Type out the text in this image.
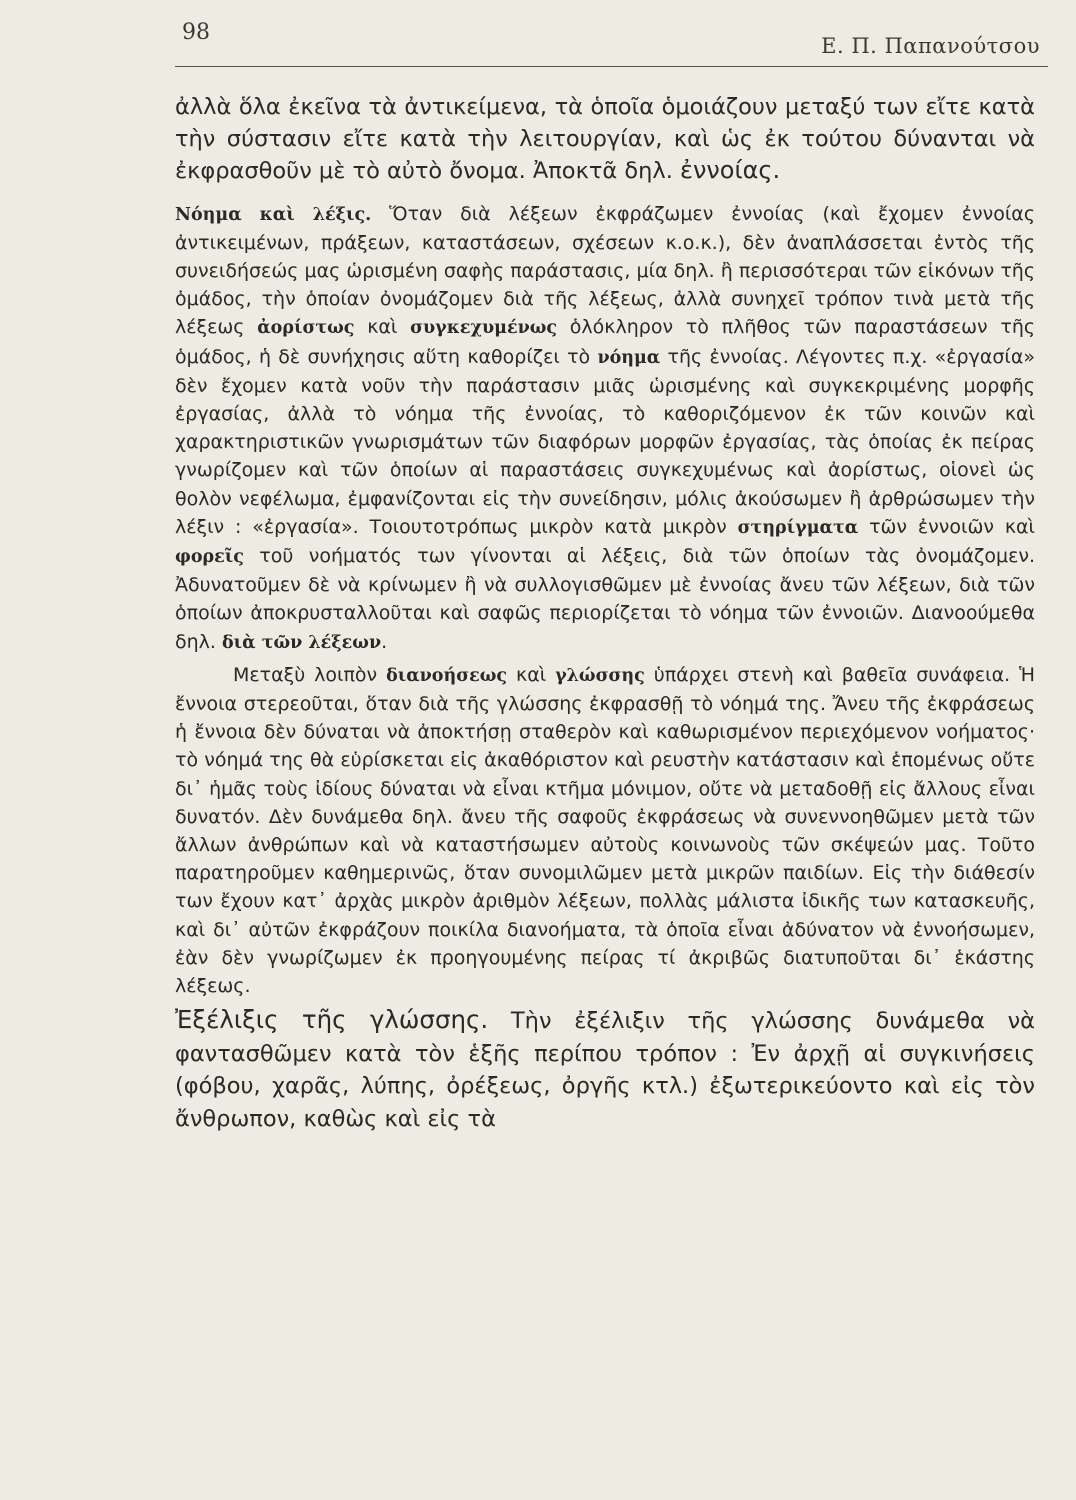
98
Ε. Π. Παπανούτσου

ἀλλὰ ὅλα ἐκεῖνα τὰ ἀντικείμενα, τὰ ὁποῖα ὁμοιάζουν μεταξύ των εἴτε κατὰ τὴν σύστασιν εἴτε κατὰ τὴν λειτουργίαν, καὶ ὡς ἐκ τούτου δύνανται νὰ ἐκφρασθοῦν μὲ τὸ αὐτὸ ὄνομα. Ἀποκτᾶ δηλ. ἐννοίας.

Νόημα καὶ λέξις. Ὅταν διὰ λέξεων ἐκφράζωμεν ἐννοίας (καὶ ἔχομεν ἐννοίας ἀντικειμένων, πράξεων, καταστάσεων, σχέσεων κ.ο.κ.), δὲν ἀναπλάσσεται ἐντὸς τῆς συνειδήσεώς μας ὡρισμένη σαφὴς παράστασις, μία δηλ. ἢ περισσότεραι τῶν εἰκόνων τῆς ὁμάδος, τὴν ὁποίαν ὀνομάζομεν διὰ τῆς λέξεως, ἀλλὰ συνηχεῖ τρόπον τινὰ μετὰ τῆς λέξεως ἀορίστως καὶ συγκεχυμένως ὁλόκληρον τὸ πλῆθος τῶν παραστάσεων τῆς ὁμάδος, ἡ δὲ συνήχησις αὕτη καθορίζει τὸ νόημα τῆς ἐννοίας. Λέγοντες π.χ. «ἐργασία» δὲν ἔχομεν κατὰ νοῦν τὴν παράστασιν μιᾶς ὡρισμένης καὶ συγκεκριμένης μορφῆς ἐργασίας, ἀλλὰ τὸ νόημα τῆς ἐννοίας, τὸ καθοριζόμενον ἐκ τῶν κοινῶν καὶ χαρακτηριστικῶν γνωρισμάτων τῶν διαφόρων μορφῶν ἐργασίας, τὰς ὁποίας ἐκ πείρας γνωρίζομεν καὶ τῶν ὁποίων αἱ παραστάσεις συγκεχυμένως καὶ ἀορίστως, οἱονεὶ ὡς θολὸν νεφέλωμα, ἐμφανίζονται εἰς τὴν συνείδησιν, μόλις ἀκούσωμεν ἢ ἀρθρώσωμεν τὴν λέξιν : «ἐργασία». Τοιουτοτρόπως μικρὸν κατὰ μικρὸν στηρίγματα τῶν ἐννοιῶν καὶ φορεῖς τοῦ νοήματός των γίνονται αἱ λέξεις, διὰ τῶν ὁποίων τὰς ὀνομάζομεν. Ἀδυνατοῦμεν δὲ νὰ κρίνωμεν ἢ νὰ συλλογισθῶμεν μὲ ἐννοίας ἄνευ τῶν λέξεων, διὰ τῶν ὁποίων ἀποκρυσταλλοῦται καὶ σαφῶς περιορίζεται τὸ νόημα τῶν ἐννοιῶν. Διανοούμεθα δηλ. διὰ τῶν λέξεων.

Μεταξὺ λοιπὸν διανοήσεως καὶ γλώσσης ὑπάρχει στενὴ καὶ βαθεῖα συνάφεια. Ἡ ἔννοια στερεοῦται, ὅταν διὰ τῆς γλώσσης ἐκφρασθῇ τὸ νόημά της. Ἄνευ τῆς ἐκφράσεως ἡ ἔννοια δὲν δύναται νὰ ἀποκτήσῃ σταθερὸν καὶ καθωρισμένον περιεχόμενον νοήματος· τὸ νόημά της θὰ εὑρίσκεται εἰς ἀκαθόριστον καὶ ρευστὴν κατάστασιν καὶ ἑπομένως οὔτε δι᾽ ἡμᾶς τοὺς ἰδίους δύναται νὰ εἶναι κτῆμα μόνιμον, οὔτε νὰ μεταδοθῇ εἰς ἄλλους εἶναι δυνατόν. Δὲν δυνάμεθα δηλ. ἄνευ τῆς σαφοῦς ἐκφράσεως νὰ συνεννοηθῶμεν μετὰ τῶν ἄλλων ἀνθρώπων καὶ νὰ καταστήσωμεν αὐτοὺς κοινωνοὺς τῶν σκέψεών μας. Τοῦτο παρατηροῦμεν καθημερινῶς, ὅταν συνομιλῶμεν μετὰ μικρῶν παιδίων. Εἰς τὴν διάθεσίν των ἔχουν κατ᾽ ἀρχὰς μικρὸν ἀριθμὸν λέξεων, πολλὰς μάλιστα ἰδικῆς των κατασκευῆς, καὶ δι᾽ αὐτῶν ἐκφράζουν ποικίλα διανοήματα, τὰ ὁποῖα εἶναι ἀδύνατον νὰ ἐννοήσωμεν, ἐὰν δὲν γνωρίζωμεν ἐκ προηγουμένης πείρας τί ἀκριβῶς διατυποῦται δι᾽ ἑκάστης λέξεως.

Ἐξέλιξις τῆς γλώσσης. Τὴν ἐξέλιξιν τῆς γλώσσης δυνάμεθα νὰ φαντασθῶμεν κατὰ τὸν ἑξῆς περίπου τρόπον : Ἐν ἀρχῇ αἱ συγκινήσεις (φόβου, χαρᾶς, λύπης, ὀρέξεως, ὀργῆς κτλ.) ἐξωτερικεύοντο καὶ εἰς τὸν ἄνθρωπον, καθὼς καὶ εἰς τὰ
